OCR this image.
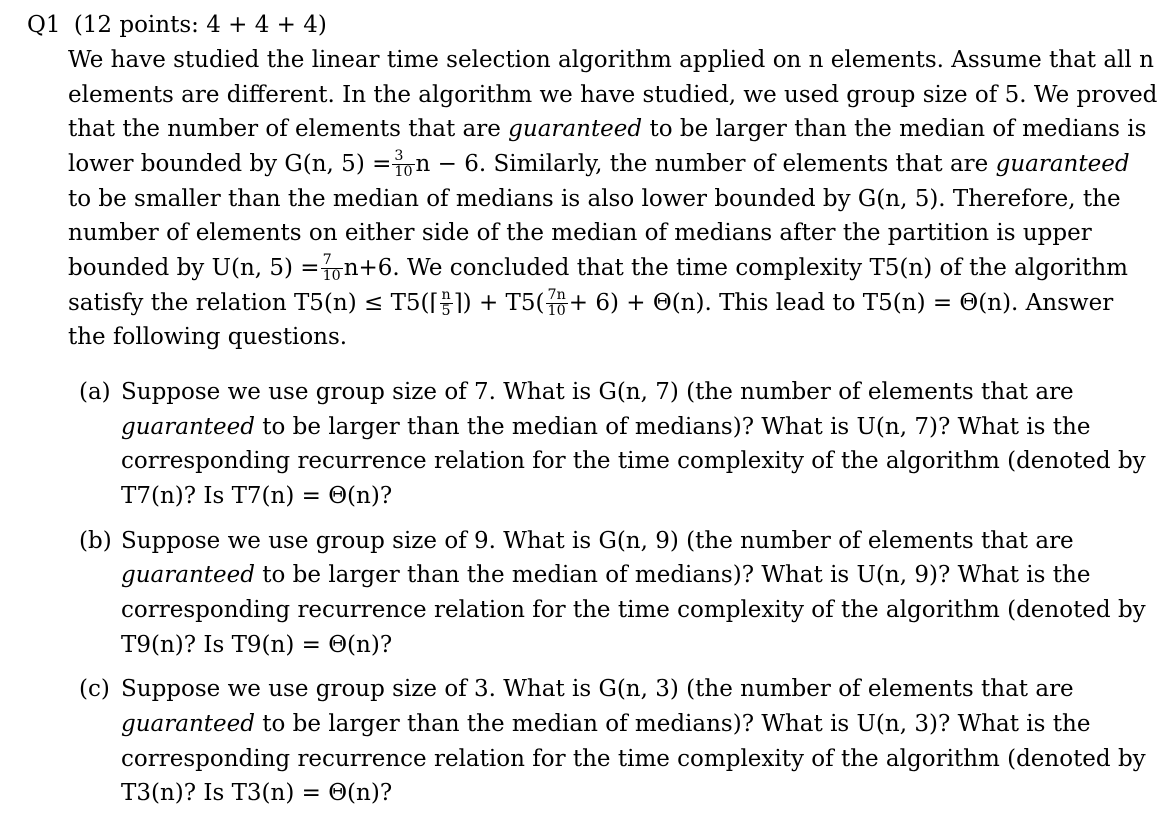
Q1 (12 points: 4 + 4 + 4)
We have studied the linear time selection algorithm applied on n elements. Assume that all n
elements are different. In the algorithm we have studied, we used group size of 5. We proved
that the number of elements that are guaranteed to be larger than the median of medians is
lower bounded by G(n, $5) = \frac{3}{10}$ n − 6. Similarly, the number of elements that are guaranteed
to be smaller than the median of medians is also lower bounded by G(n, 5). Therefore, the
number of elements on either side of the median of medians after the partition is upper
bounded by U(n, $5) = \frac{7}{10} n+6$. We concluded that the time complexity T5(n) of the algorithm
satisfy the relation T5(n) ≤ T5(⌈ $\frac{n}{5}$ ⌉) + $T5( \frac{7n}{10} + 6) + \Theta(n)$. This lead to T5(n) = Θ(n). Answer
the following questions.
(a) Suppose we use group size of 7. What is G(n, 7) (the number of elements that are
guaranteed to be larger than the median of medians)? What is U(n, 7)? What is the
corresponding recurrence relation for the time complexity of the algorithm (denoted by
T7(n)? Is T7(n) = Θ(n)?
(b) Suppose we use group size of 9. What is G(n, 9) (the number of elements that are
guaranteed to be larger than the median of medians)? What is U(n, 9)? What is the
corresponding recurrence relation for the time complexity of the algorithm (denoted by
T9(n)? Is T9(n) = Θ(n)?
(c) Suppose we use group size of 3. What is G(n, 3) (the number of elements that are
guaranteed to be larger than the median of medians)? What is U(n, 3)? What is the
corresponding recurrence relation for the time complexity of the algorithm (denoted by
T3(n)? Is T3(n) = Θ(n)?
